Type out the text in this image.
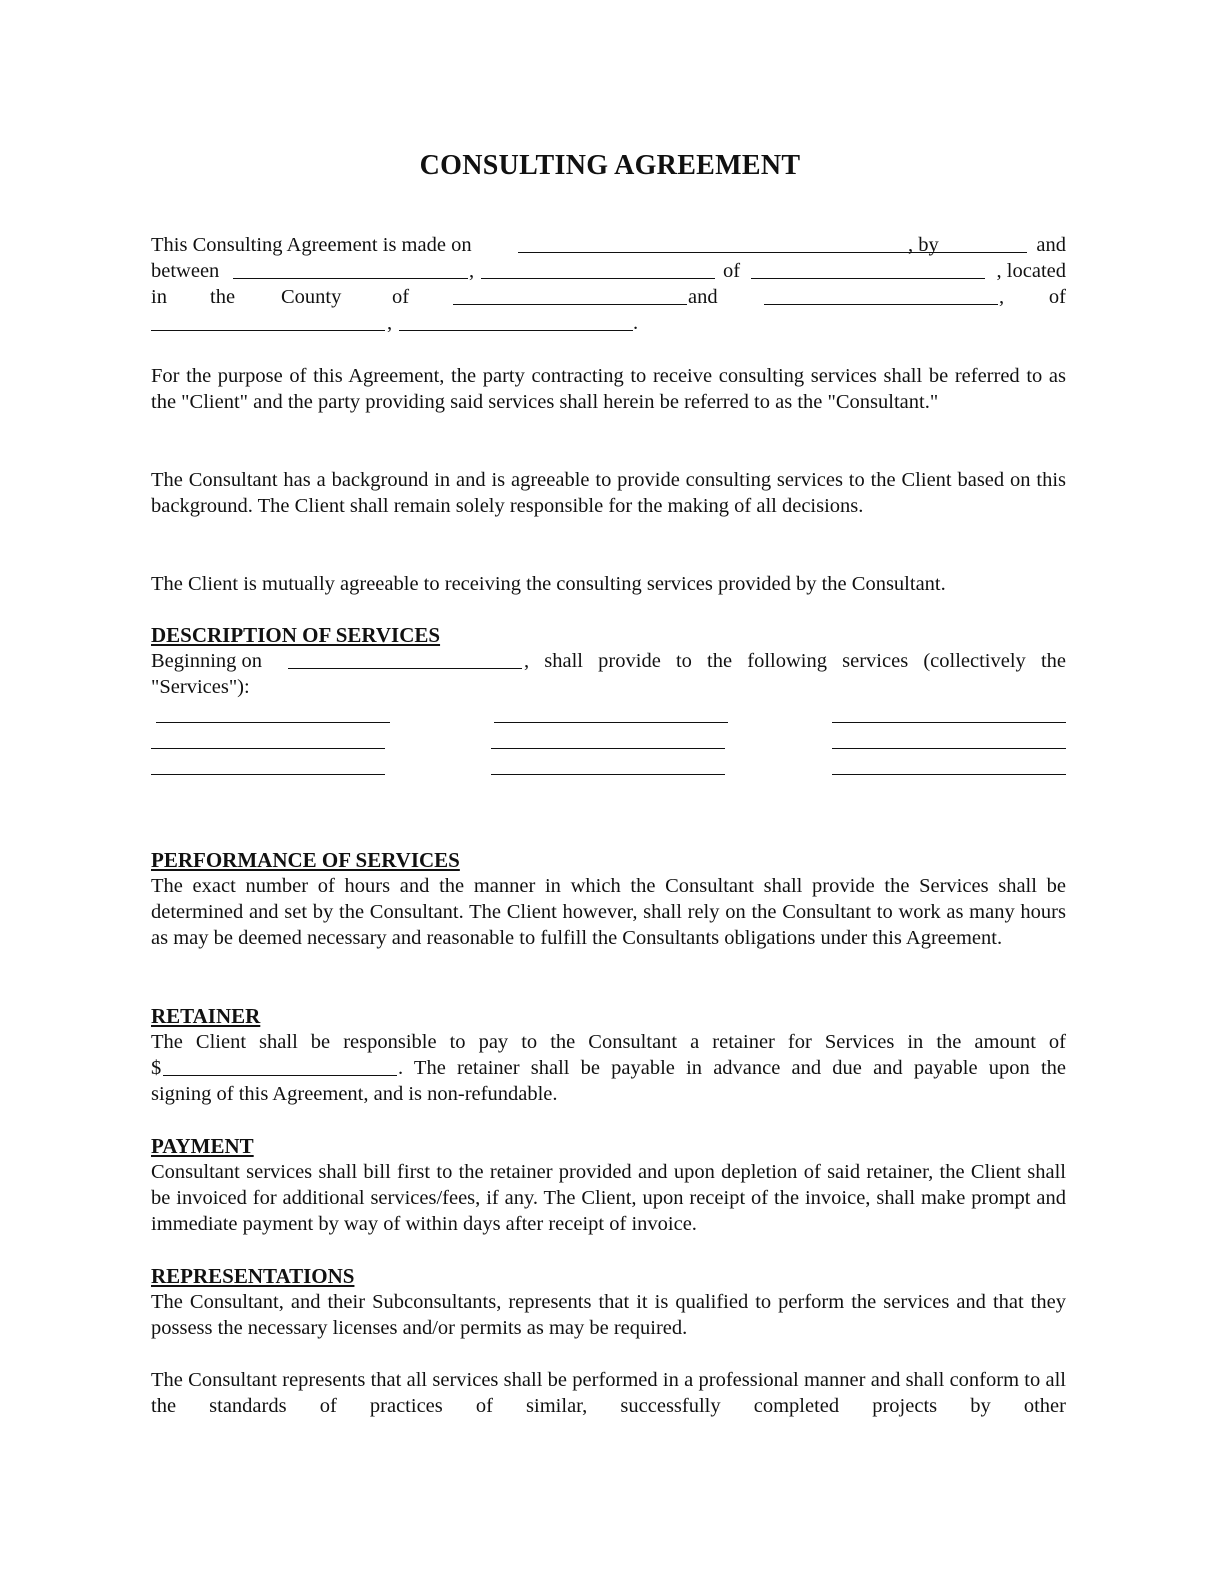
CONSULTING AGREEMENT
This Consulting Agreement is made on	, by	and
between	,	of	, located
in the County of	and	, of
,	.
For the purpose of this Agreement, the party contracting to receive consulting services shall be referred to as the "Client" and the party providing said services shall herein be referred to as the "Consultant."
The Consultant has a background in and is agreeable to provide consulting services to the Client based on this background. The Client shall remain solely responsible for the making of all decisions.
The Client is mutually agreeable to receiving the consulting services provided by the Consultant.
DESCRIPTION OF SERVICES
Beginning on	, shall provide to the following services (collectively the
"Services"):
PERFORMANCE OF SERVICES
The exact number of hours and the manner in which the Consultant shall provide the Services shall be determined and set by the Consultant. The Client however, shall rely on the Consultant to work as many hours as may be deemed necessary and reasonable to fulfill the Consultants obligations under this Agreement.
RETAINER
The Client shall be responsible to pay to the Consultant a retainer for Services in the amount of
$	. The retainer shall be payable in advance and due and payable upon the
signing of this Agreement, and is non-refundable.
PAYMENT
Consultant services shall bill first to the retainer provided and upon depletion of said retainer, the Client shall be invoiced for additional services/fees, if any. The Client, upon receipt of the invoice, shall make prompt and immediate payment by way of within days after receipt of invoice.
REPRESENTATIONS
The Consultant, and their Subconsultants, represents that it is qualified to perform the services and that they possess the necessary licenses and/or permits as may be required.
The Consultant represents that all services shall be performed in a professional manner and shall conform to all the standards of practices of similar, successfully completed projects by other
